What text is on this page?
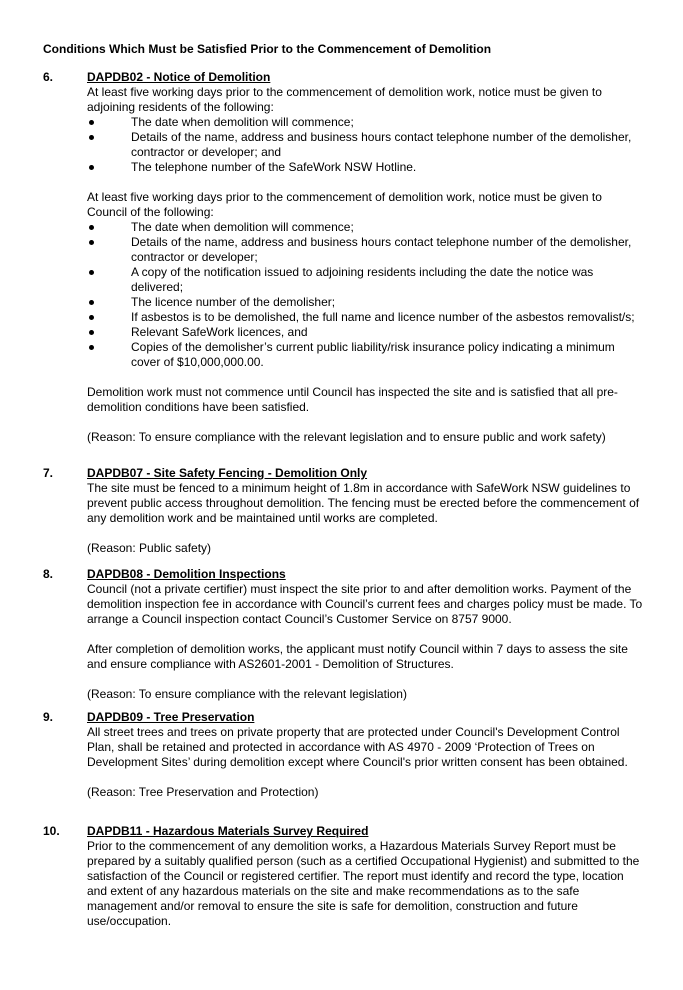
Conditions Which Must be Satisfied Prior to the Commencement of Demolition
6.	DAPDB02 - Notice of Demolition

At least five working days prior to the commencement of demolition work, notice must be given to adjoining residents of the following:

The date when demolition will commence;
Details of the name, address and business hours contact telephone number of the demolisher, contractor or developer; and
The telephone number of the SafeWork NSW Hotline.

At least five working days prior to the commencement of demolition work, notice must be given to Council of the following:

The date when demolition will commence;
Details of the name, address and business hours contact telephone number of the demolisher, contractor or developer;
A copy of the notification issued to adjoining residents including the date the notice was delivered;
The licence number of the demolisher;
If asbestos is to be demolished, the full name and licence number of the asbestos removalist/s;
Relevant SafeWork licences, and
Copies of the demolisher’s current public liability/risk insurance policy indicating a minimum cover of $10,000,000.00.

Demolition work must not commence until Council has inspected the site and is satisfied that all pre-demolition conditions have been satisfied.

(Reason: To ensure compliance with the relevant legislation and to ensure public and work safety)

7.	DAPDB07 - Site Safety Fencing - Demolition Only

The site must be fenced to a minimum height of 1.8m in accordance with SafeWork NSW guidelines to prevent public access throughout demolition. The fencing must be erected before the commencement of any demolition work and be maintained until works are completed.

(Reason: Public safety)

8.	DAPDB08 - Demolition Inspections

Council (not a private certifier) must inspect the site prior to and after demolition works. Payment of the demolition inspection fee in accordance with Council’s current fees and charges policy must be made. To arrange a Council inspection contact Council’s Customer Service on 8757 9000.

After completion of demolition works, the applicant must notify Council within 7 days to assess the site and ensure compliance with AS2601-2001 - Demolition of Structures.

(Reason: To ensure compliance with the relevant legislation)

9.	DAPDB09 - Tree Preservation

All street trees and trees on private property that are protected under Council's Development Control Plan, shall be retained and protected in accordance with AS 4970 - 2009 ‘Protection of Trees on Development Sites’ during demolition except where Council's prior written consent has been obtained.

(Reason: Tree Preservation and Protection)

10.	DAPDB11 - Hazardous Materials Survey Required

Prior to the commencement of any demolition works, a Hazardous Materials Survey Report must be prepared by a suitably qualified person (such as a certified Occupational Hygienist) and submitted to the satisfaction of the Council or registered certifier. The report must identify and record the type, location and extent of any hazardous materials on the site and make recommendations as to the safe management and/or removal to ensure the site is safe for demolition, construction and future use/occupation.
